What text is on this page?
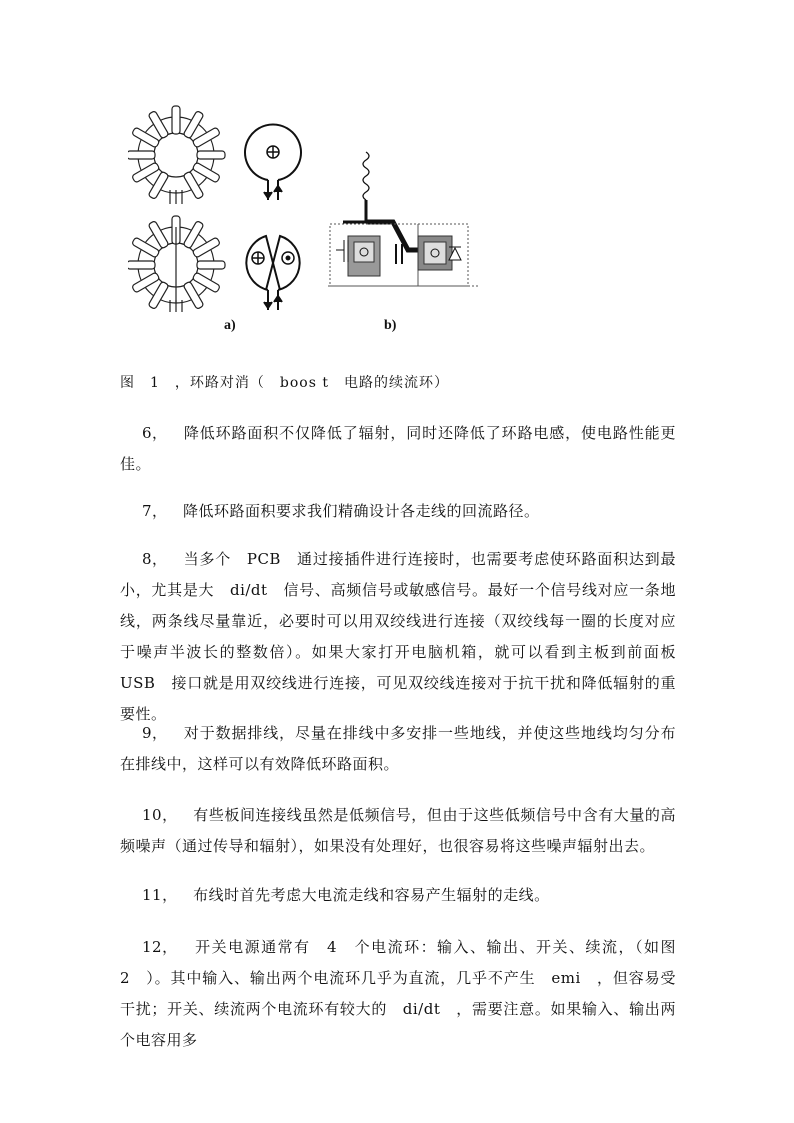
a)	b)
图　1　，环路对消（　boos t　电路的续流环）
6，　降低环路面积不仅降低了辐射，同时还降低了环路电感，使电路性能更佳。
7，　降低环路面积要求我们精确设计各走线的回流路径。
8，　当多个　PCB　通过接插件进行连接时，也需要考虑使环路面积达到最小，尤其是大　di/dt　信号、高频信号或敏感信号。最好一个信号线对应一条地线，两条线尽量靠近，必要时可以用双绞线进行连接（双绞线每一圈的长度对应于噪声半波长的整数倍）。如果大家打开电脑机箱，就可以看到主板到前面板　USB　接口就是用双绞线进行连接，可见双绞线连接对于抗干扰和降低辐射的重要性。
9，　对于数据排线，尽量在排线中多安排一些地线，并使这些地线均匀分布在排线中，这样可以有效降低环路面积。
10，　有些板间连接线虽然是低频信号，但由于这些低频信号中含有大量的高频噪声（通过传导和辐射），如果没有处理好，也很容易将这些噪声辐射出去。
11，　布线时首先考虑大电流走线和容易产生辐射的走线。
12，　开关电源通常有　4　个电流环：输入、输出、开关、续流，（如图　2　）。其中输入、输出两个电流环几乎为直流，几乎不产生　emi　，但容易受干扰；开关、续流两个电流环有较大的　di/dt　，需要注意。如果输入、输出两个电容用多
